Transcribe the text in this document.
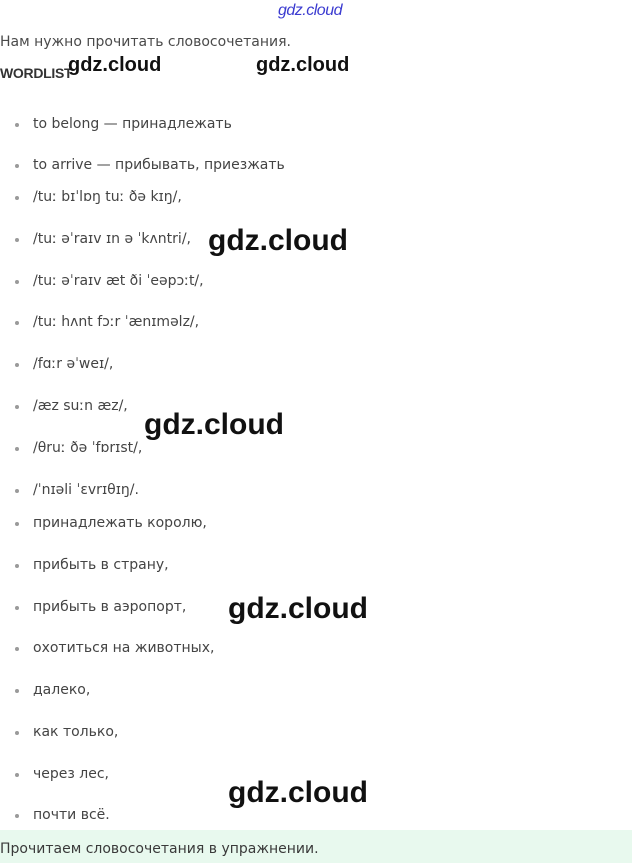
gdz.cloud
Нам нужно прочитать словосочетания.
WORDLIST
to belong — принадлежать
to arrive — прибывать, приезжать
/tuː bɪˈlɒŋ tuː ðə kɪŋ/,
/tuː əˈraɪv ɪn ə ˈkʌntri/,
/tuː əˈraɪv æt ði ˈeəpɔːt/,
/tuː hʌnt fɔːr ˈænɪməlz/,
/fɑːr əˈweɪ/,
/æz suːn æz/,
/θruː ðə ˈfɒrɪst/,
/ˈnɪəli ˈɛvrɪθɪŋ/.
принадлежать королю,
прибыть в страну,
прибыть в аэропорт,
охотиться на животных,
далеко,
как только,
через лес,
почти всё.
Прочитаем словосочетания в упражнении.
gdz.cloud	gdz.cloud
gdz.cloud
gdz.cloud
gdz.cloud
gdz.cloud
